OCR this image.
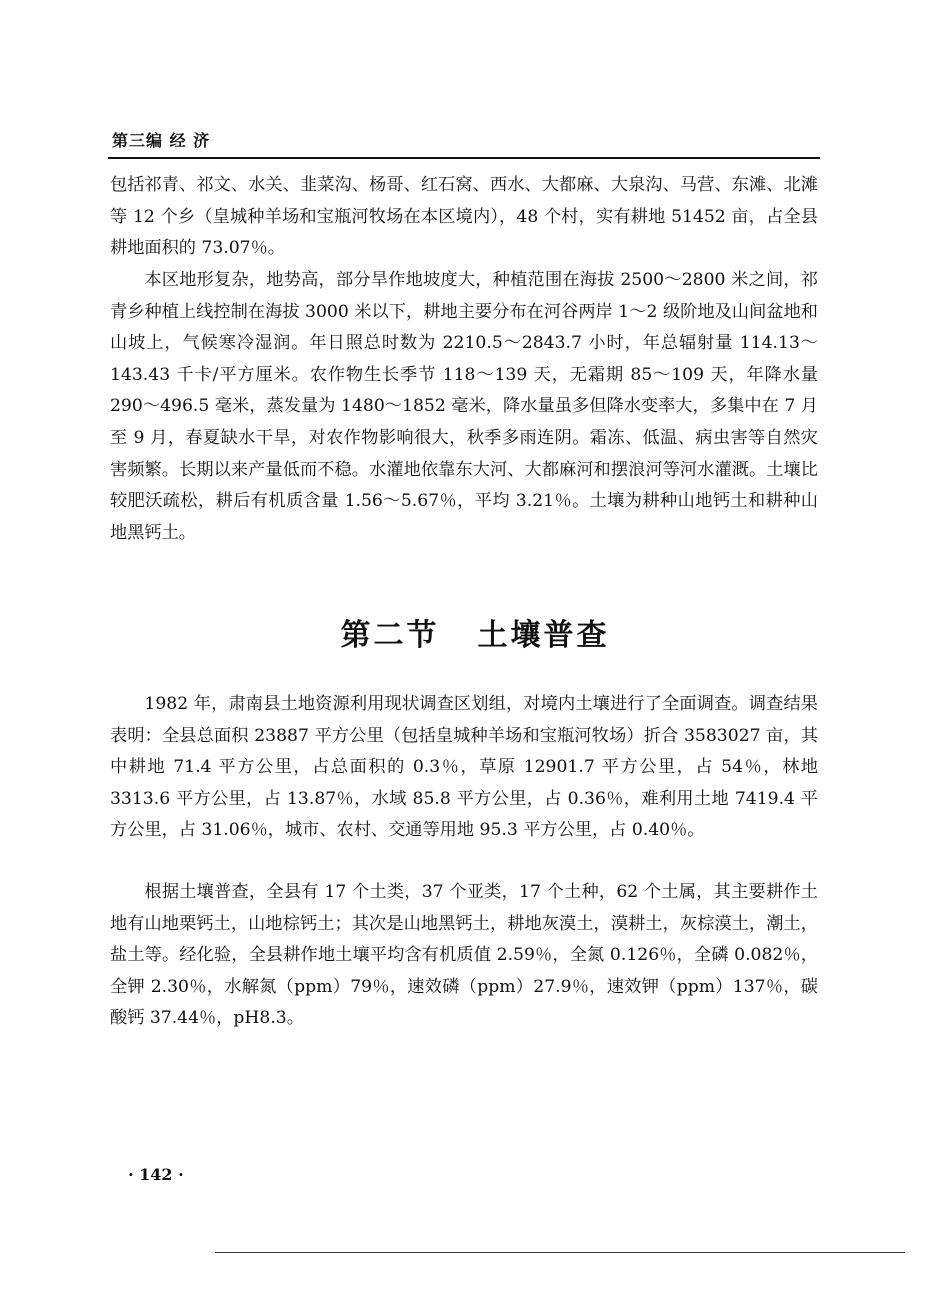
第三编 经 济

包括祁青、祁文、水关、韭菜沟、杨哥、红石窝、西水、大都麻、大泉沟、马营、东滩、北滩等 12 个乡（皇城种羊场和宝瓶河牧场在本区境内），48 个村，实有耕地 51452 亩，占全县耕地面积的 73.07％。

本区地形复杂，地势高，部分旱作地坡度大，种植范围在海拔 2500～2800 米之间，祁青乡种植上线控制在海拔 3000 米以下，耕地主要分布在河谷两岸 1～2 级阶地及山间盆地和山坡上，气候寒冷湿润。年日照总时数为 2210.5～2843.7 小时，年总辐射量 114.13～143.43 千卡/平方厘米。农作物生长季节 118～139 天，无霜期 85～109 天，年降水量 290～496.5 毫米，蒸发量为 1480～1852 毫米，降水量虽多但降水变率大，多集中在 7 月至 9 月，春夏缺水干旱，对农作物影响很大，秋季多雨连阴。霜冻、低温、病虫害等自然灾害频繁。长期以来产量低而不稳。水灌地依靠东大河、大都麻河和摆浪河等河水灌溉。土壤比较肥沃疏松，耕后有机质含量 1.56～5.67％，平均 3.21％。土壤为耕种山地钙土和耕种山地黑钙土。

第二节 土壤普查

1982 年，肃南县土地资源利用现状调查区划组，对境内土壤进行了全面调查。调查结果表明：全县总面积 23887 平方公里（包括皇城种羊场和宝瓶河牧场）折合 3583027 亩，其中耕地 71.4 平方公里，占总面积的 0.3％，草原 12901.7 平方公里，占 54％，林地 3313.6 平方公里，占 13.87％，水域 85.8 平方公里，占 0.36％，难利用土地 7419.4 平方公里，占 31.06％，城市、农村、交通等用地 95.3 平方公里，占 0.40％。

根据土壤普查，全县有 17 个土类，37 个亚类，17 个土种，62 个土属，其主要耕作土地有山地栗钙土，山地棕钙土；其次是山地黑钙土，耕地灰漠土，漠耕土，灰棕漠土，潮土，盐土等。经化验，全县耕作地土壤平均含有机质值 2.59％，全氮 0.126％，全磷 0.082％，全钾 2.30％，水解氮（ppm）79％，速效磷（ppm）27.9％，速效钾（ppm）137％，碳酸钙 37.44％，pH8.3。

· 142 ·
